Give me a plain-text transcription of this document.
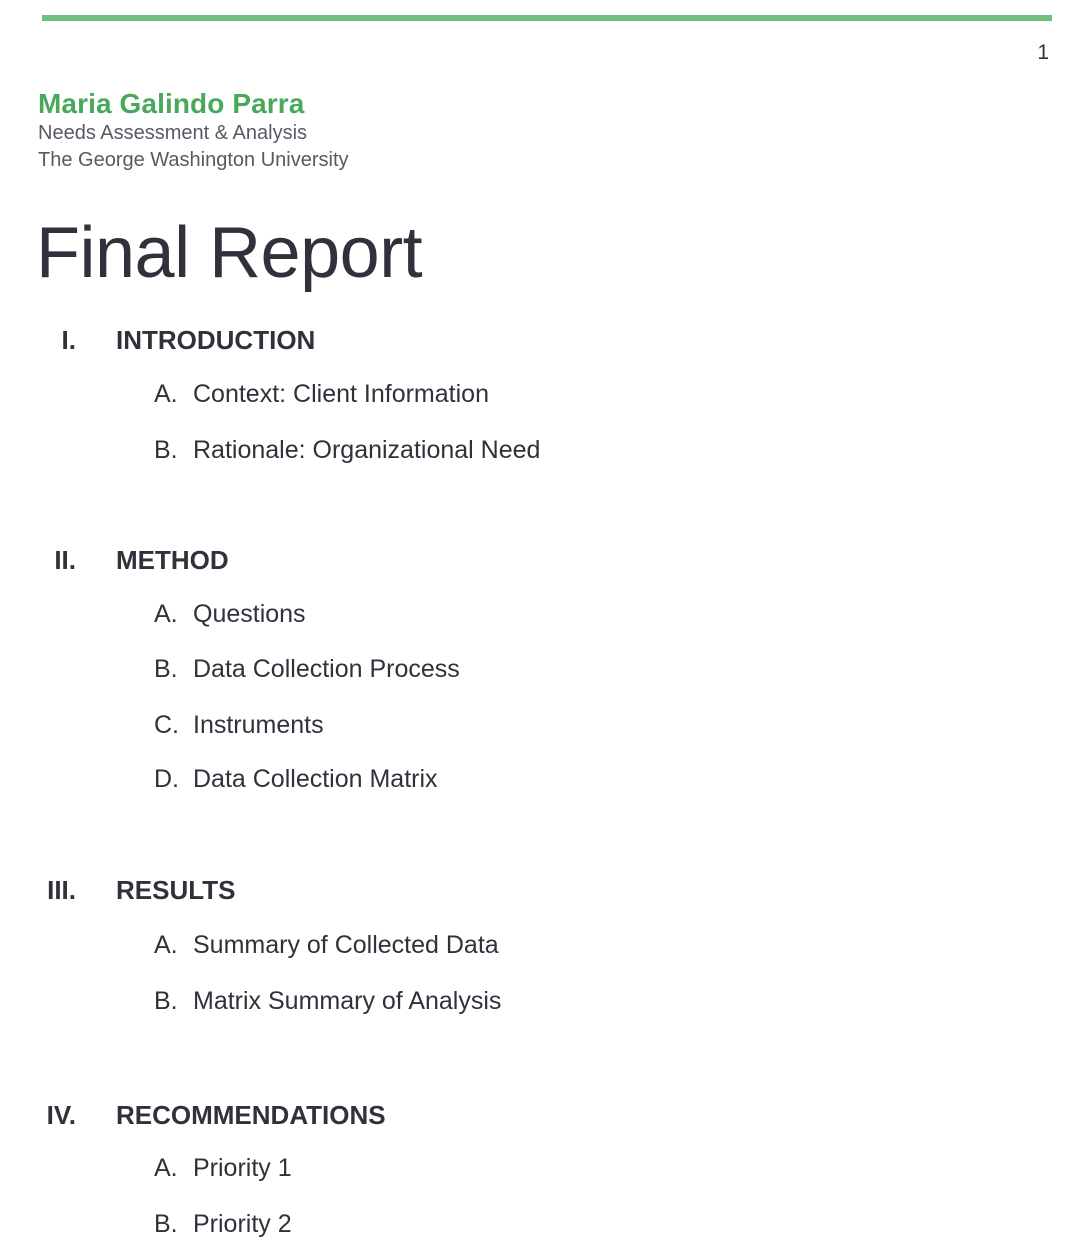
1
Maria Galindo Parra
Needs Assessment & Analysis
The George Washington University
Final Report
I. INTRODUCTION
A. Context: Client Information
B. Rationale: Organizational Need
II. METHOD
A. Questions
B. Data Collection Process
C. Instruments
D. Data Collection Matrix
III. RESULTS
A. Summary of Collected Data
B. Matrix Summary of Analysis
IV. RECOMMENDATIONS
A. Priority 1
B. Priority 2
